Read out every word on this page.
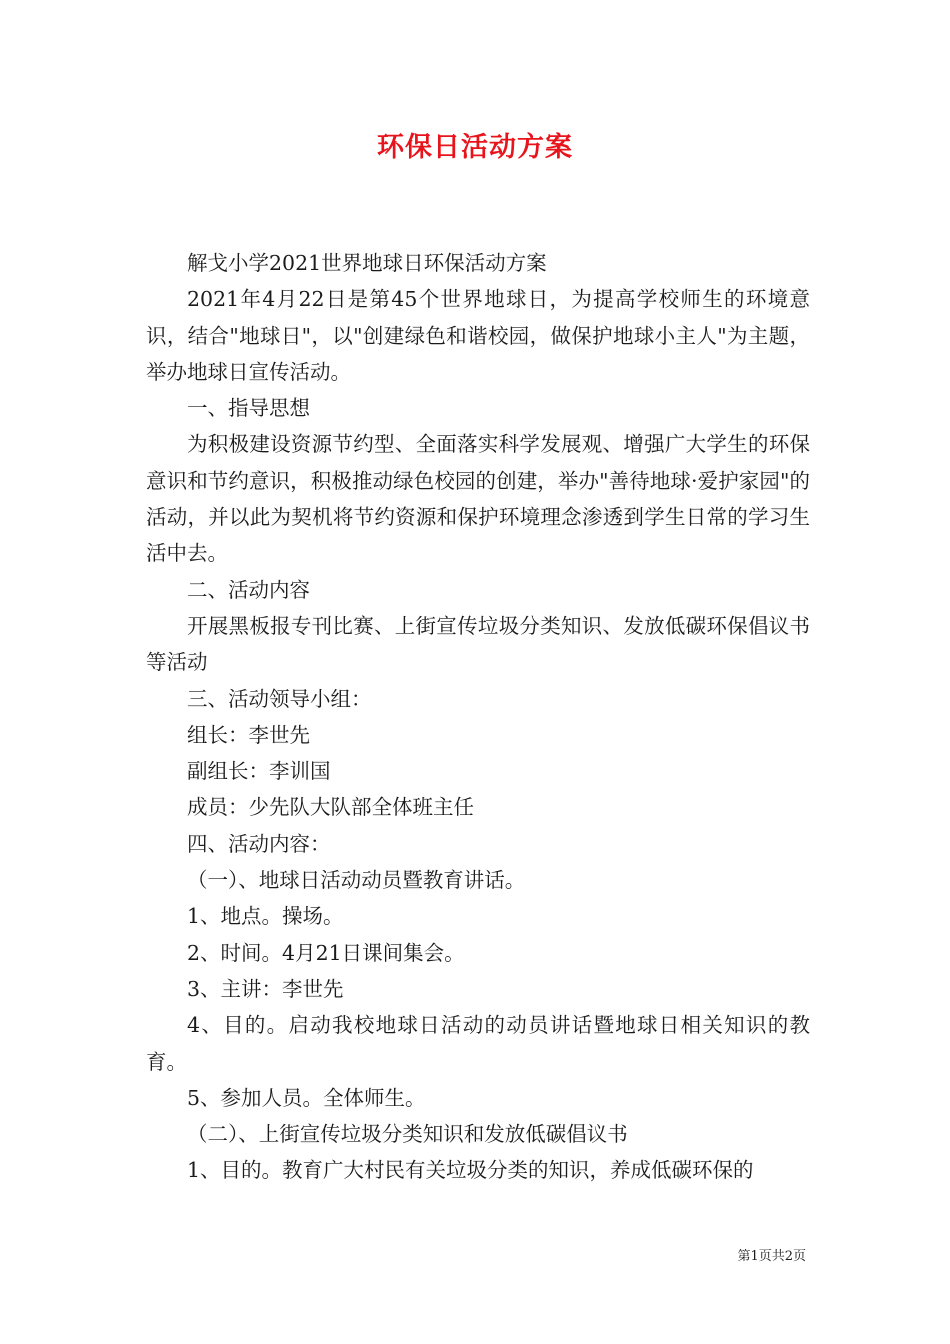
环保日活动方案

解戈小学2021世界地球日环保活动方案

2021年4月22日是第45个世界地球日，为提高学校师生的环境意识，结合"地球日"，以"创建绿色和谐校园，做保护地球小主人"为主题，举办地球日宣传活动。

一、指导思想

为积极建设资源节约型、全面落实科学发展观、增强广大学生的环保意识和节约意识，积极推动绿色校园的创建，举办"善待地球·爱护家园"的活动，并以此为契机将节约资源和保护环境理念渗透到学生日常的学习生活中去。

二、活动内容

开展黑板报专刊比赛、上街宣传垃圾分类知识、发放低碳环保倡议书等活动

三、活动领导小组：

组长：李世先

副组长：李训国

成员：少先队大队部全体班主任

四、活动内容：

（一）、地球日活动动员暨教育讲话。

1、地点。操场。

2、时间。4月21日课间集会。

3、主讲：李世先

4、目的。启动我校地球日活动的动员讲话暨地球日相关知识的教育。

5、参加人员。全体师生。

（二）、上街宣传垃圾分类知识和发放低碳倡议书

1、目的。教育广大村民有关垃圾分类的知识，养成低碳环保的

第1页共2页
